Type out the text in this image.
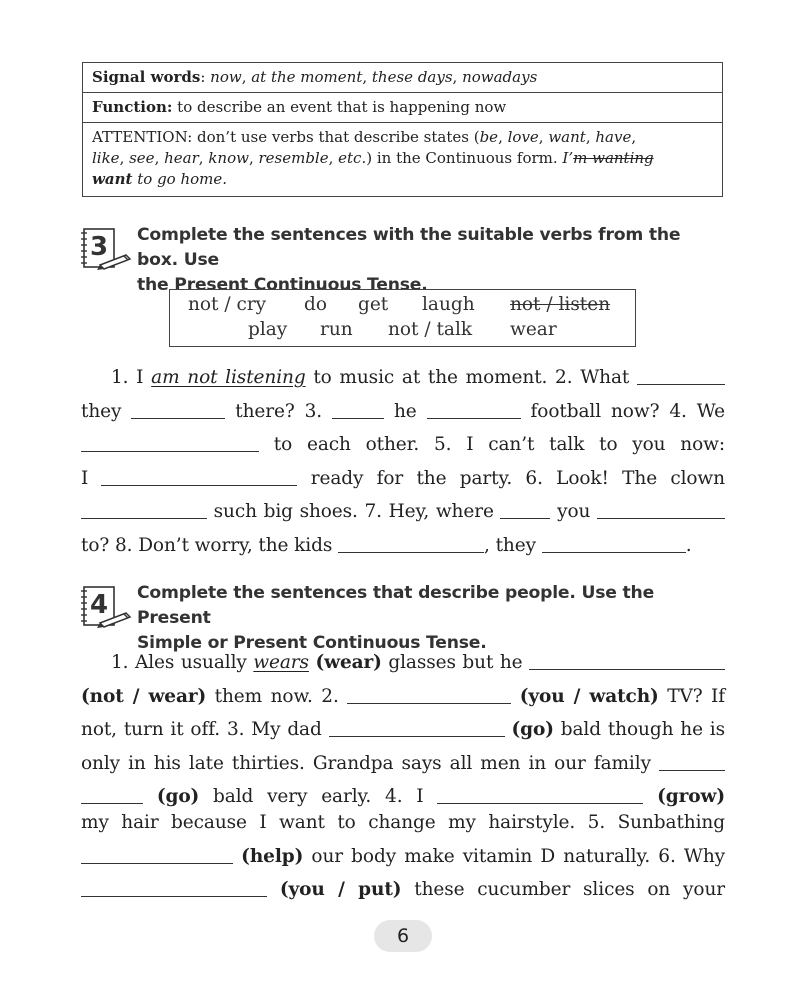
Signal words: now, at the moment, these days, nowadays
Function: to describe an event that is happening now
ATTENTION: don’t use verbs that describe states (be, love, want, have,
like, see, hear, know, resemble, etc.) in the Continuous form. I’m wanting
want to go home.
3 Complete the sentences with the suitable verbs from the box. Use
the Present Continuous Tense.
not / cry do get laugh not / listen
play run not / talk wear
1. I am not listening to music at the moment. 2. What
they	there? 3.	he	football now? 4. We
to each other. 5. I can’t talk to you now:
I	ready for the party. 6. Look! The clown
such big shoes. 7. Hey, where	you
to? 8. Don’t worry, the kids	, they	.
4 Complete the sentences that describe people. Use the Present
Simple or Present Continuous Tense.
1. Ales usually wears (wear) glasses but he
(not / wear) them now. 2.	(you / watch) TV? If
not, turn it off. 3. My dad	(go) bald though he is
only in his late thirties. Grandpa says all men in our family
(go) bald very early. 4. I	(grow)
my hair because I want to change my hairstyle. 5. Sunbathing
(help) our body make vitamin D naturally. 6. Why
(you / put) these cucumber slices on your
6
